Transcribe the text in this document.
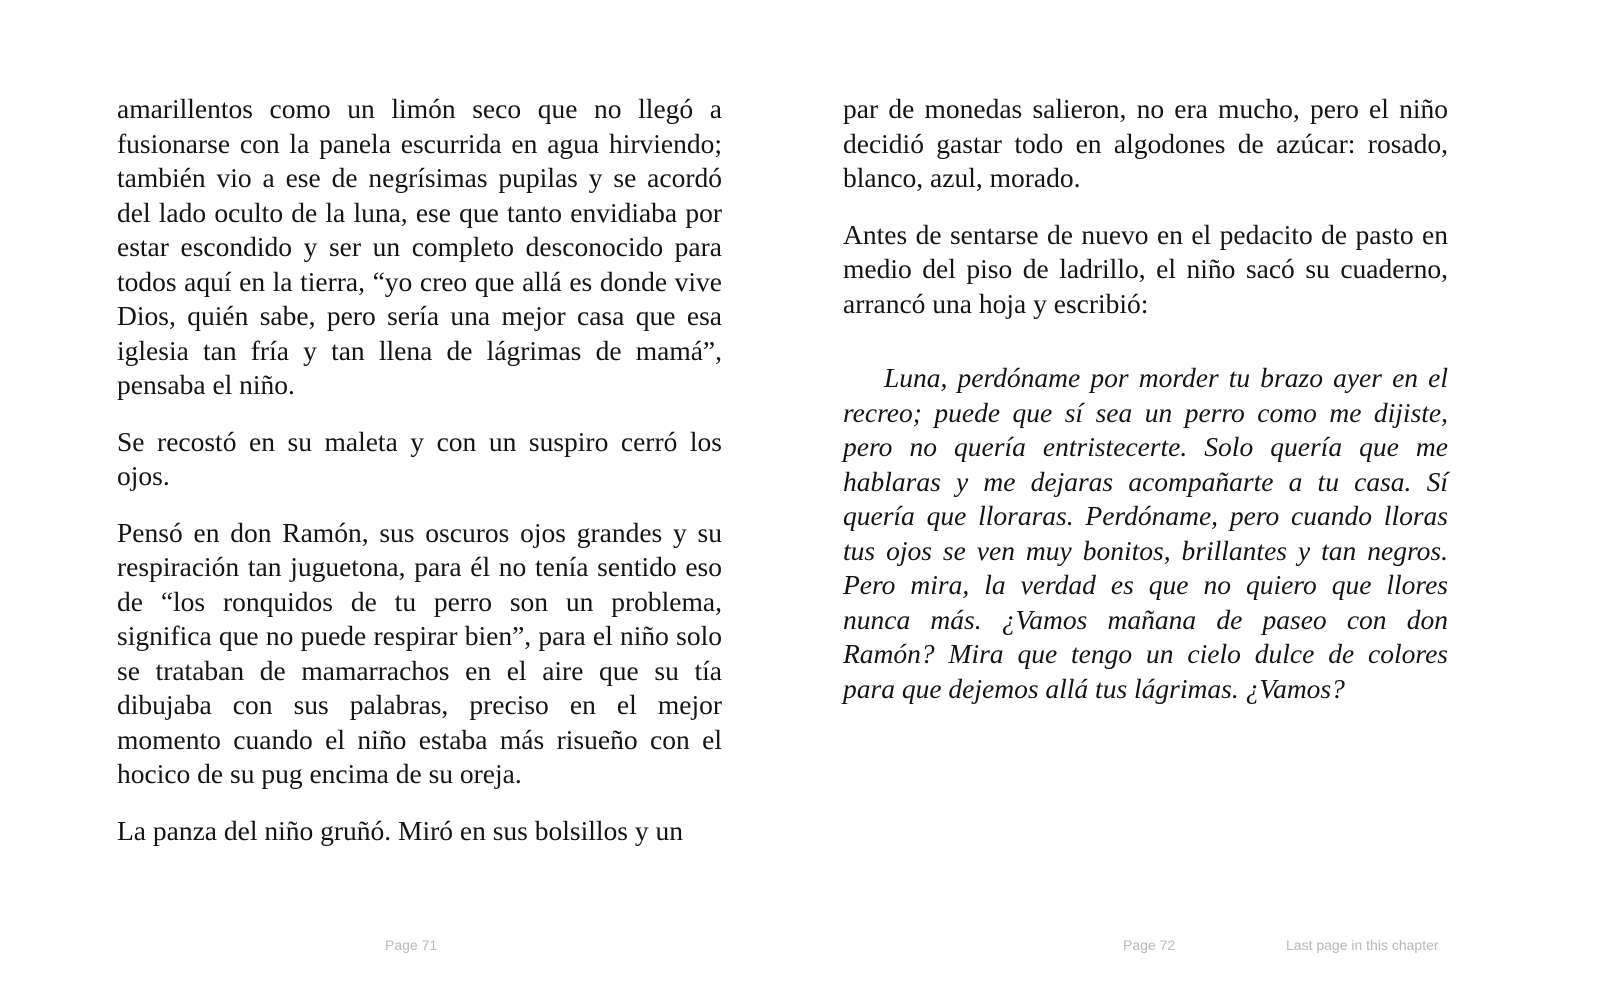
amarillentos como un limón seco que no llegó a fusionarse con la panela escurrida en agua hirviendo; también vio a ese de negrísimas pupilas y se acordó del lado oculto de la luna, ese que tanto envidiaba por estar escondido y ser un completo desconocido para todos aquí en la tierra, “yo creo que allá es donde vive Dios, quién sabe, pero sería una mejor casa que esa iglesia tan fría y tan llena de lágrimas de mamá”, pensaba el niño.

Se recostó en su maleta y con un suspiro cerró los ojos.

Pensó en don Ramón, sus oscuros ojos grandes y su respiración tan juguetona, para él no tenía sentido eso de “los ronquidos de tu perro son un problema, significa que no puede respirar bien”, para el niño solo se trataban de mamarrachos en el aire que su tía dibujaba con sus palabras, preciso en el mejor momento cuando el niño estaba más risueño con el hocico de su pug encima de su oreja.

La panza del niño gruñó. Miró en sus bolsillos y un

par de monedas salieron, no era mucho, pero el niño decidió gastar todo en algodones de azúcar: rosado, blanco, azul, morado.

Antes de sentarse de nuevo en el pedacito de pasto en medio del piso de ladrillo, el niño sacó su cuaderno, arrancó una hoja y escribió:

Luna, perdóname por morder tu brazo ayer en el recreo; puede que sí sea un perro como me dijiste, pero no quería entristecerte. Solo quería que me hablaras y me dejaras acompañarte a tu casa. Sí quería que lloraras. Perdóname, pero cuando lloras tus ojos se ven muy bonitos, brillantes y tan negros. Pero mira, la verdad es que no quiero que llores nunca más. ¿Vamos mañana de paseo con don Ramón? Mira que tengo un cielo dulce de colores para que dejemos allá tus lágrimas. ¿Vamos?

Page 71	Page 72	Last page in this chapter
